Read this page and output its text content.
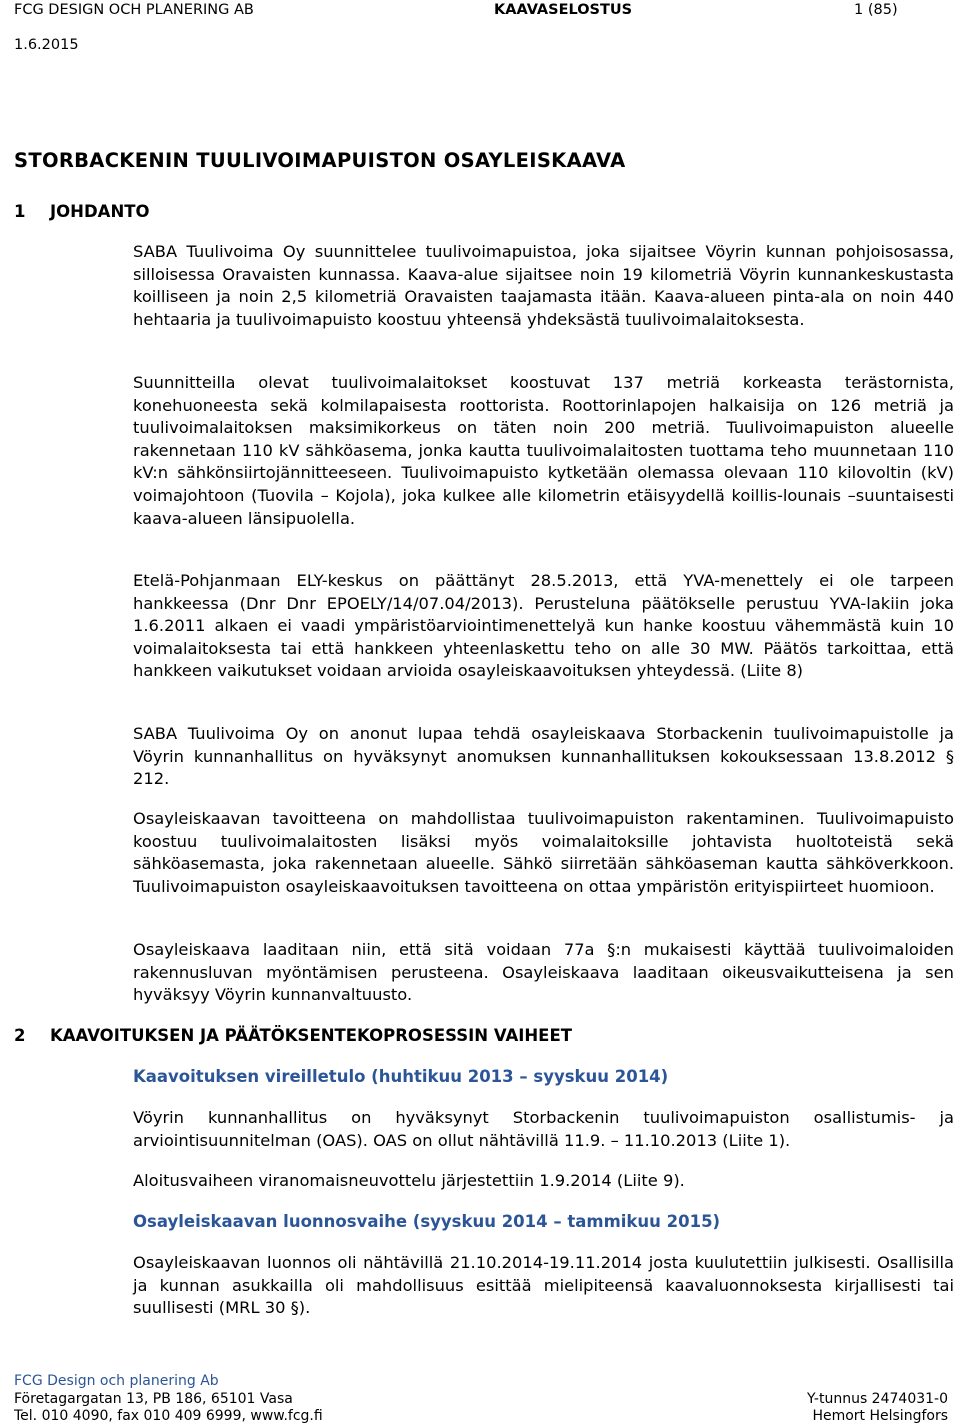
FCG DESIGN OCH PLANERING AB	KAAVASELOSTUS	1 (85)
1.6.2015
STORBACKENIN TUULIVOIMAPUISTON OSAYLEISKAAVA
1 JOHDANTO

SABA Tuulivoima Oy suunnittelee tuulivoimapuistoa, joka sijaitsee Vöyrin kunnan pohjoisosassa, silloisessa Oravaisten kunnassa. Kaava-alue sijaitsee noin 19 kilometriä Vöyrin kunnankeskustasta koilliseen ja noin 2,5 kilometriä Oravaisten taajamasta itään. Kaava-alueen pinta-ala on noin 440 hehtaaria ja tuulivoimapuisto koostuu yhteensä yhdeksästä tuulivoimalaitoksesta.

Suunnitteilla olevat tuulivoimalaitokset koostuvat 137 metriä korkeasta terästornista, konehuoneesta sekä kolmilapaisesta roottorista. Roottorinlapojen halkaisija on 126 metriä ja tuulivoimalaitoksen maksimikorkeus on täten noin 200 metriä. Tuulivoimapuiston alueelle rakennetaan 110 kV sähköasema, jonka kautta tuulivoimalaitosten tuottama teho muunnetaan 110 kV:n sähkönsiirtojännitteeseen. Tuulivoimapuisto kytketään olemassa olevaan 110 kilovoltin (kV) voimajohtoon (Tuovila – Kojola), joka kulkee alle kilometrin etäisyydellä koillis-lounais –suuntaisesti kaava-alueen länsipuolella.

Etelä-Pohjanmaan ELY-keskus on päättänyt 28.5.2013, että YVA-menettely ei ole tarpeen hankkeessa (Dnr Dnr EPOELY/14/07.04/2013). Perusteluna päätökselle perustuu YVA-lakiin joka 1.6.2011 alkaen ei vaadi ympäristöarviointimenettelyä kun hanke koostuu vähemmästä kuin 10 voimalaitoksesta tai että hankkeen yhteenlaskettu teho on alle 30 MW. Päätös tarkoittaa, että hankkeen vaikutukset voidaan arvioida osayleiskaavoituksen yhteydessä. (Liite 8)

SABA Tuulivoima Oy on anonut lupaa tehdä osayleiskaava Storbackenin tuulivoimapuistolle ja Vöyrin kunnanhallitus on hyväksynyt anomuksen kunnanhallituksen kokouksessaan 13.8.2012 § 212.

Osayleiskaavan tavoitteena on mahdollistaa tuulivoimapuiston rakentaminen. Tuulivoimapuisto koostuu tuulivoimalaitosten lisäksi myös voimalaitoksille johtavista huoltoteistä sekä sähköasemasta, joka rakennetaan alueelle. Sähkö siirretään sähköaseman kautta sähköverkkoon. Tuulivoimapuiston osayleiskaavoituksen tavoitteena on ottaa ympäristön erityispiirteet huomioon.

Osayleiskaava laaditaan niin, että sitä voidaan 77a §:n mukaisesti käyttää tuulivoimaloiden rakennusluvan myöntämisen perusteena. Osayleiskaava laaditaan oikeusvaikutteisena ja sen hyväksyy Vöyrin kunnanvaltuusto.

2 KAAVOITUKSEN JA PÄÄTÖKSENTEKOPROSESSIN VAIHEET
Kaavoituksen vireilletulo (huhtikuu 2013 – syyskuu 2014)

Vöyrin kunnanhallitus on hyväksynyt Storbackenin tuulivoimapuiston osallistumis- ja arviointisuunnitelman (OAS). OAS on ollut nähtävillä 11.9. – 11.10.2013 (Liite 1).

Aloitusvaiheen viranomaisneuvottelu järjestettiin 1.9.2014 (Liite 9).

Osayleiskaavan luonnosvaihe (syyskuu 2014 – tammikuu 2015)

Osayleiskaavan luonnos oli nähtävillä 21.10.2014-19.11.2014 josta kuulutettiin julkisesti. Osallisilla ja kunnan asukkailla oli mahdollisuus esittää mielipiteensä kaavaluonnoksesta kirjallisesti tai suullisesti (MRL 30 §).

FCG Design och planering Ab
Företagargatan 13, PB 186, 65101 Vasa	Y-tunnus 2474031-0
Tel. 010 4090, fax 010 409 6999, www.fcg.fi	Hemort Helsingfors
